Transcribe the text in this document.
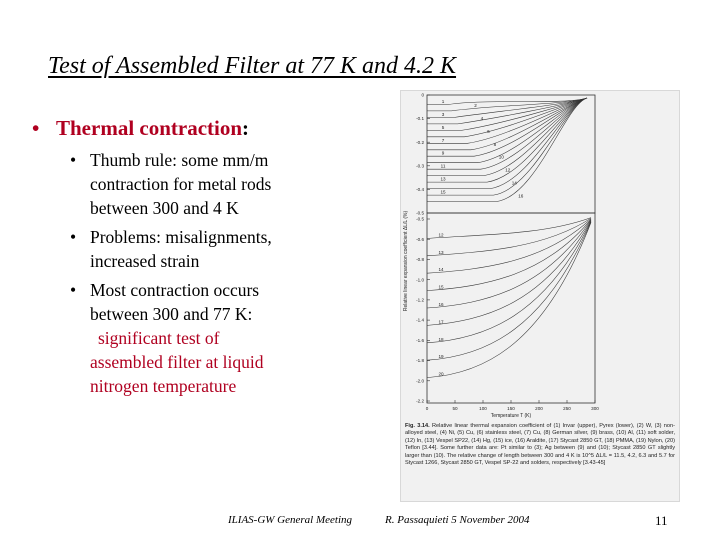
Test of Assembled Filter at 77 K and 4.2 K
• Thermal contraction:
• Thumb rule: some mm/m
contraction for metal rods
between 300 and 4 K
• Problems: misalignments,
increased strain
• Most contraction occurs
between 300 and 77 K:
significant test of
assembled filter at liquid
nitrogen temperature
Relative linear expansion coefficient ΔL/L (%)
Temperature T (K)
0	50	100	150	200	250	300
0
-0.1
-0.2
-0.3
-0.4
-0.5
-0.5
-0.6
-0.8
-1.0
-1.2
-1.4
-1.6
-1.8
-2.0
-2.2
1
2
3
4
5
6
7
8
9
10
11
12
13
14
15
16
12
13
14
15
16
17
18
19
20
Fig. 3.14. Relative linear thermal expansion coefficient of (1) Invar (upper), Pyrex (lower), (2) W, (3) non-alloyed steel, (4) Ni, (5) Cu, (6) stainless steel, (7) Cu, (8) German silver, (9) brass, (10) Al, (11) soft solder, (12) In, (13) Vespel SP22, (14) Hg, (15) ice, (16) Araldite, (17) Stycast 2850 GT, (18) PMMA, (19) Nylon, (20) Teflon [3.44]. Some further data are: Pt similar to (3); Ag between (9) and (10); Stycast 2850 GT slightly larger than (10). The relative change of length between 300 and 4 K is 10^5 ΔL/L = 11.5, 4.2, 6.3 and 5.7 for Stycast 1266, Stycast 2850 GT, Vespel SP-22 and solders, respectively [3.43-45]
ILIAS-GW General Meeting	R. Passaquieti 5 November 2004	11
